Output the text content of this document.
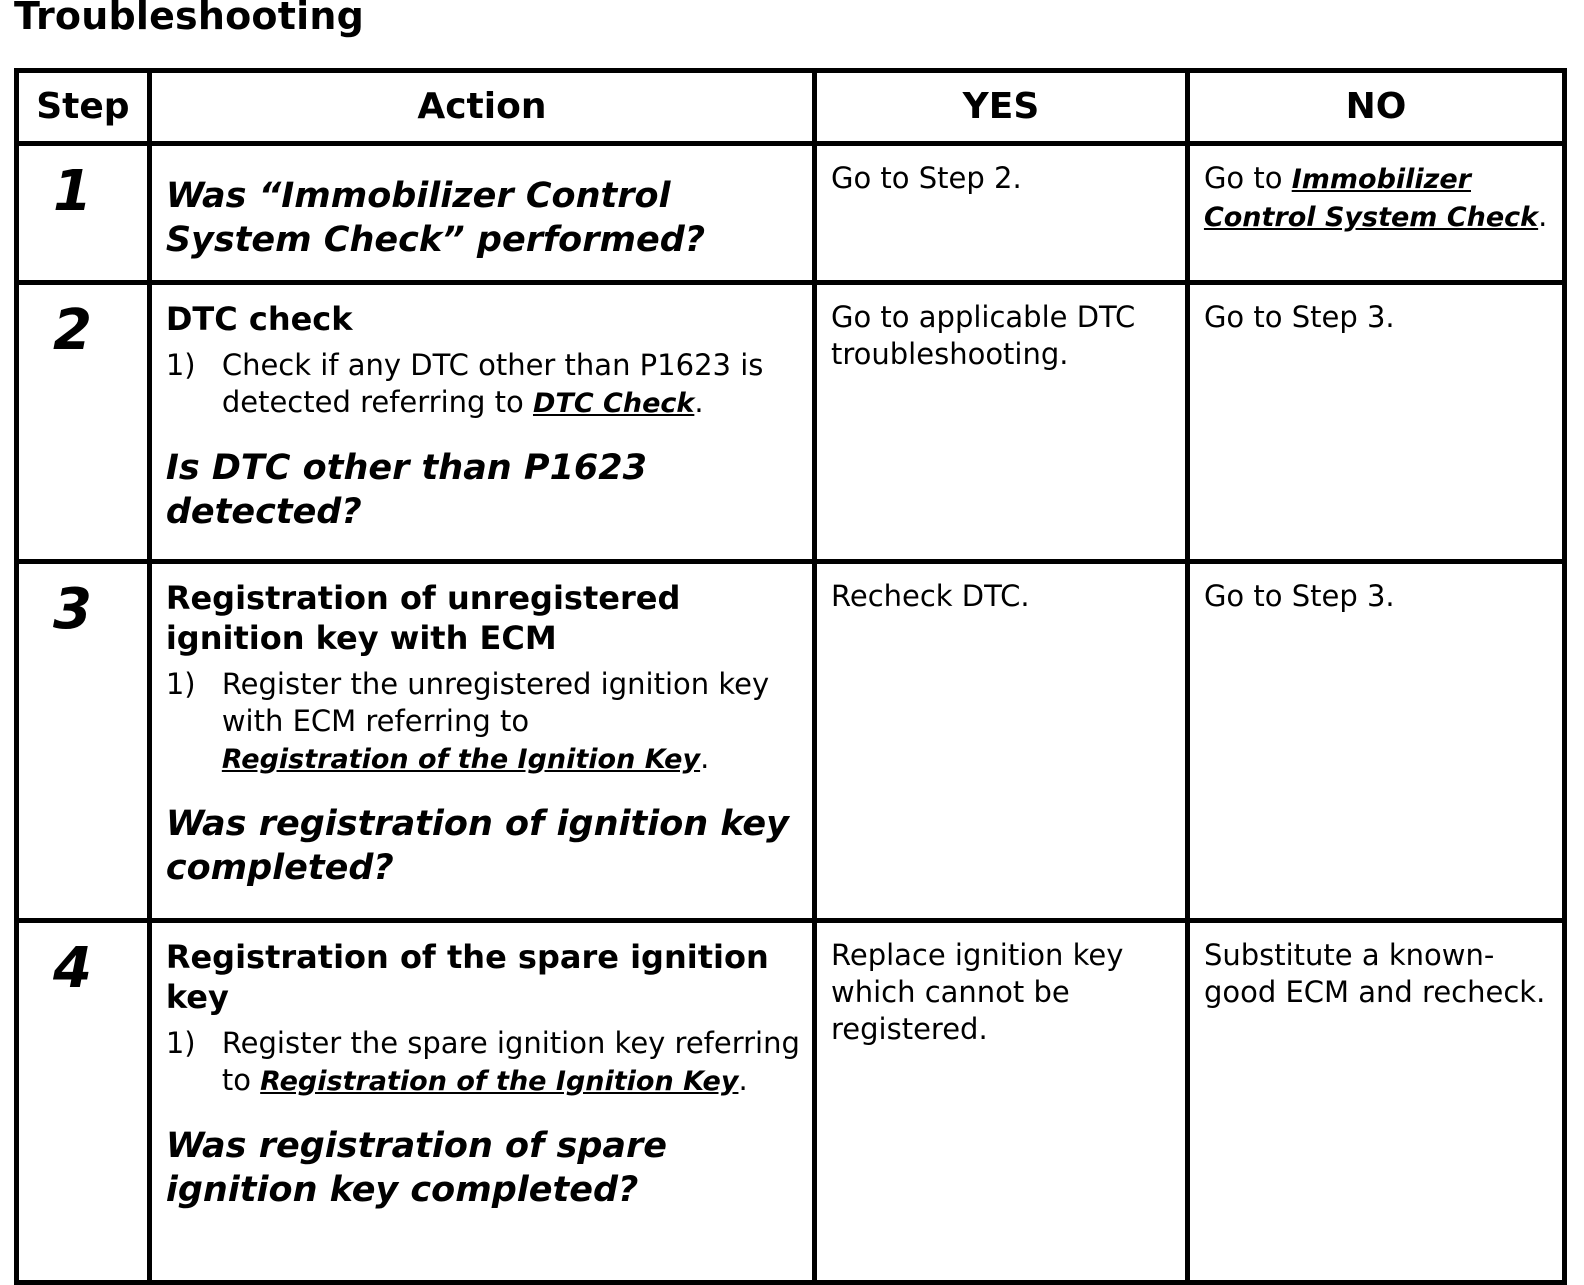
Troubleshooting
Step	Action	YES	NO

1	Was “Immobilizer Control System Check” performed?	Go to Step 2.	Go to Immobilizer Control System Check.

2	DTC check
1) Check if any DTC other than P1623 is detected referring to DTC Check.
Is DTC other than P1623 detected?	Go to applicable DTC troubleshooting.	Go to Step 3.

3	Registration of unregistered ignition key with ECM
1) Register the unregistered ignition key with ECM referring to
Registration of the Ignition Key.
Was registration of ignition key completed?	Recheck DTC.	Go to Step 3.

4	Registration of the spare ignition key
1) Register the spare ignition key referring to Registration of the Ignition Key.
Was registration of spare ignition key completed?	Replace ignition key which cannot be registered.	Substitute a known-good ECM and recheck.
